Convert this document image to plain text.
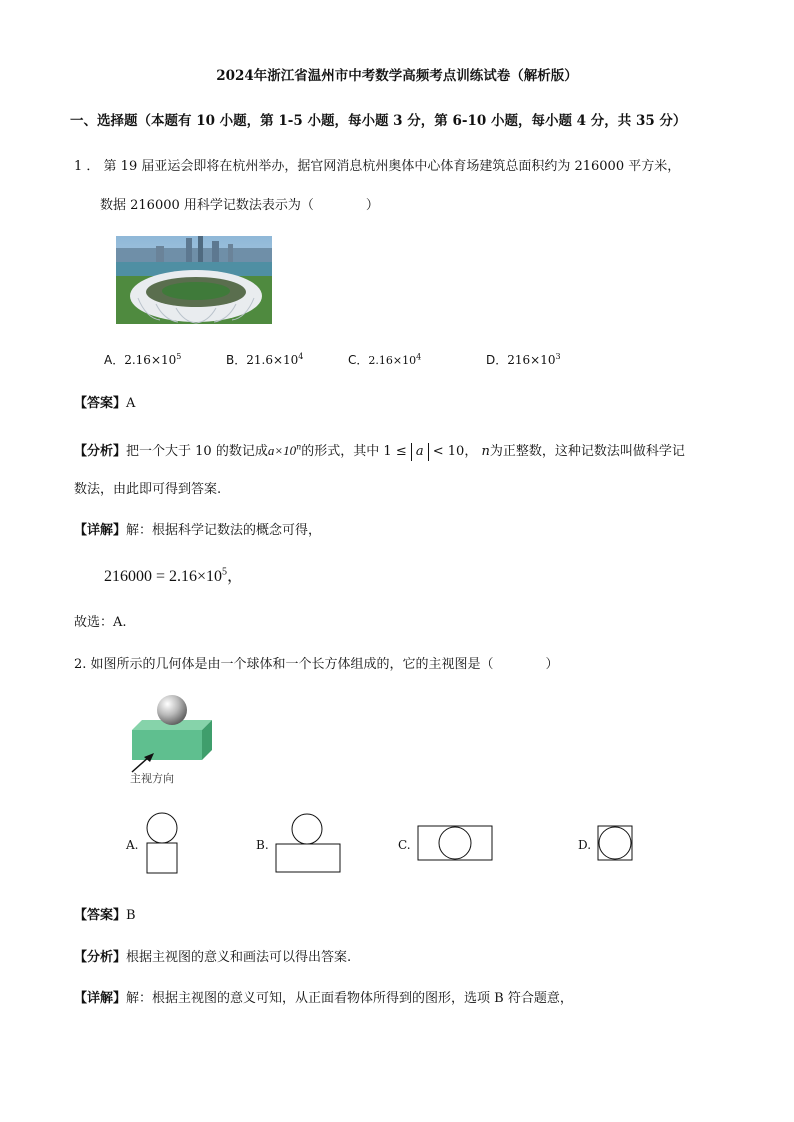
2024年浙江省温州市中考数学高频考点训练试卷（解析版）
一、选择题（本题有 10 小题，第 1-5 小题，每小题 3 分，第 6-10 小题，每小题 4 分，共 35 分）
1 ． 第 19 届亚运会即将在杭州举办，据官网消息杭州奥体中心体育场建筑总面积约为 216000 平方米，
数据 216000 用科学记数法表示为（　　　　）
A．$2.16\times 10^5$	B．$21.6\times 10^4$	C．$2.16\times 10^4$	D．$216\times 10^3$
【答案】A
【分析】把一个大于 10 的数记成$a\times 10^n$的形式，其中 1 ≤ a < 10， n为正整数，这种记数法叫做科学记
数法，由此即可得到答案.
【详解】解：根据科学记数法的概念可得，
$216000 = 2.16\times 10^5$，
故选：A.
2. 如图所示的几何体是由一个球体和一个长方体组成的，它的主视图是（　　　　）
主视方向
A.	B.	C.	D.
【答案】B
【分析】根据主视图的意义和画法可以得出答案.
【详解】解：根据主视图的意义可知，从正面看物体所得到的图形，选项 B 符合题意，
